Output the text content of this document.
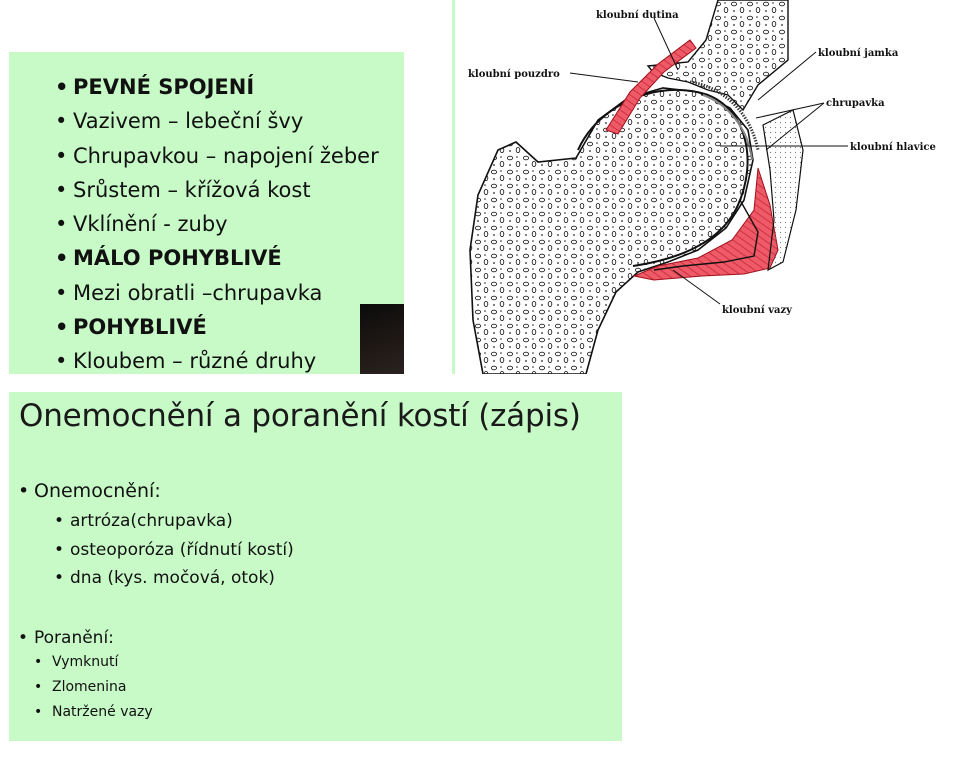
• PEVNÉ SPOJENÍ
• Vazivem – lebeční švy
• Chrupavkou – napojení žeber
• Srůstem – křížová kost
• Vklínění - zuby
• MÁLO POHYBLIVÉ
• Mezi obratli –chrupavka
• POHYBLIVÉ
• Kloubem – různé druhy
kloubní dutina
kloubní pouzdro
kloubní jamka
chrupavka
kloubní hlavice
kloubní vazy
Onemocnění a poranění kostí (zápis)
• Onemocnění:
• artróza(chrupavka)
• osteoporóza (řídnutí kostí)
• dna (kys. močová, otok)
• Poranění:
• Vymknutí
• Zlomenina
• Natržené vazy
